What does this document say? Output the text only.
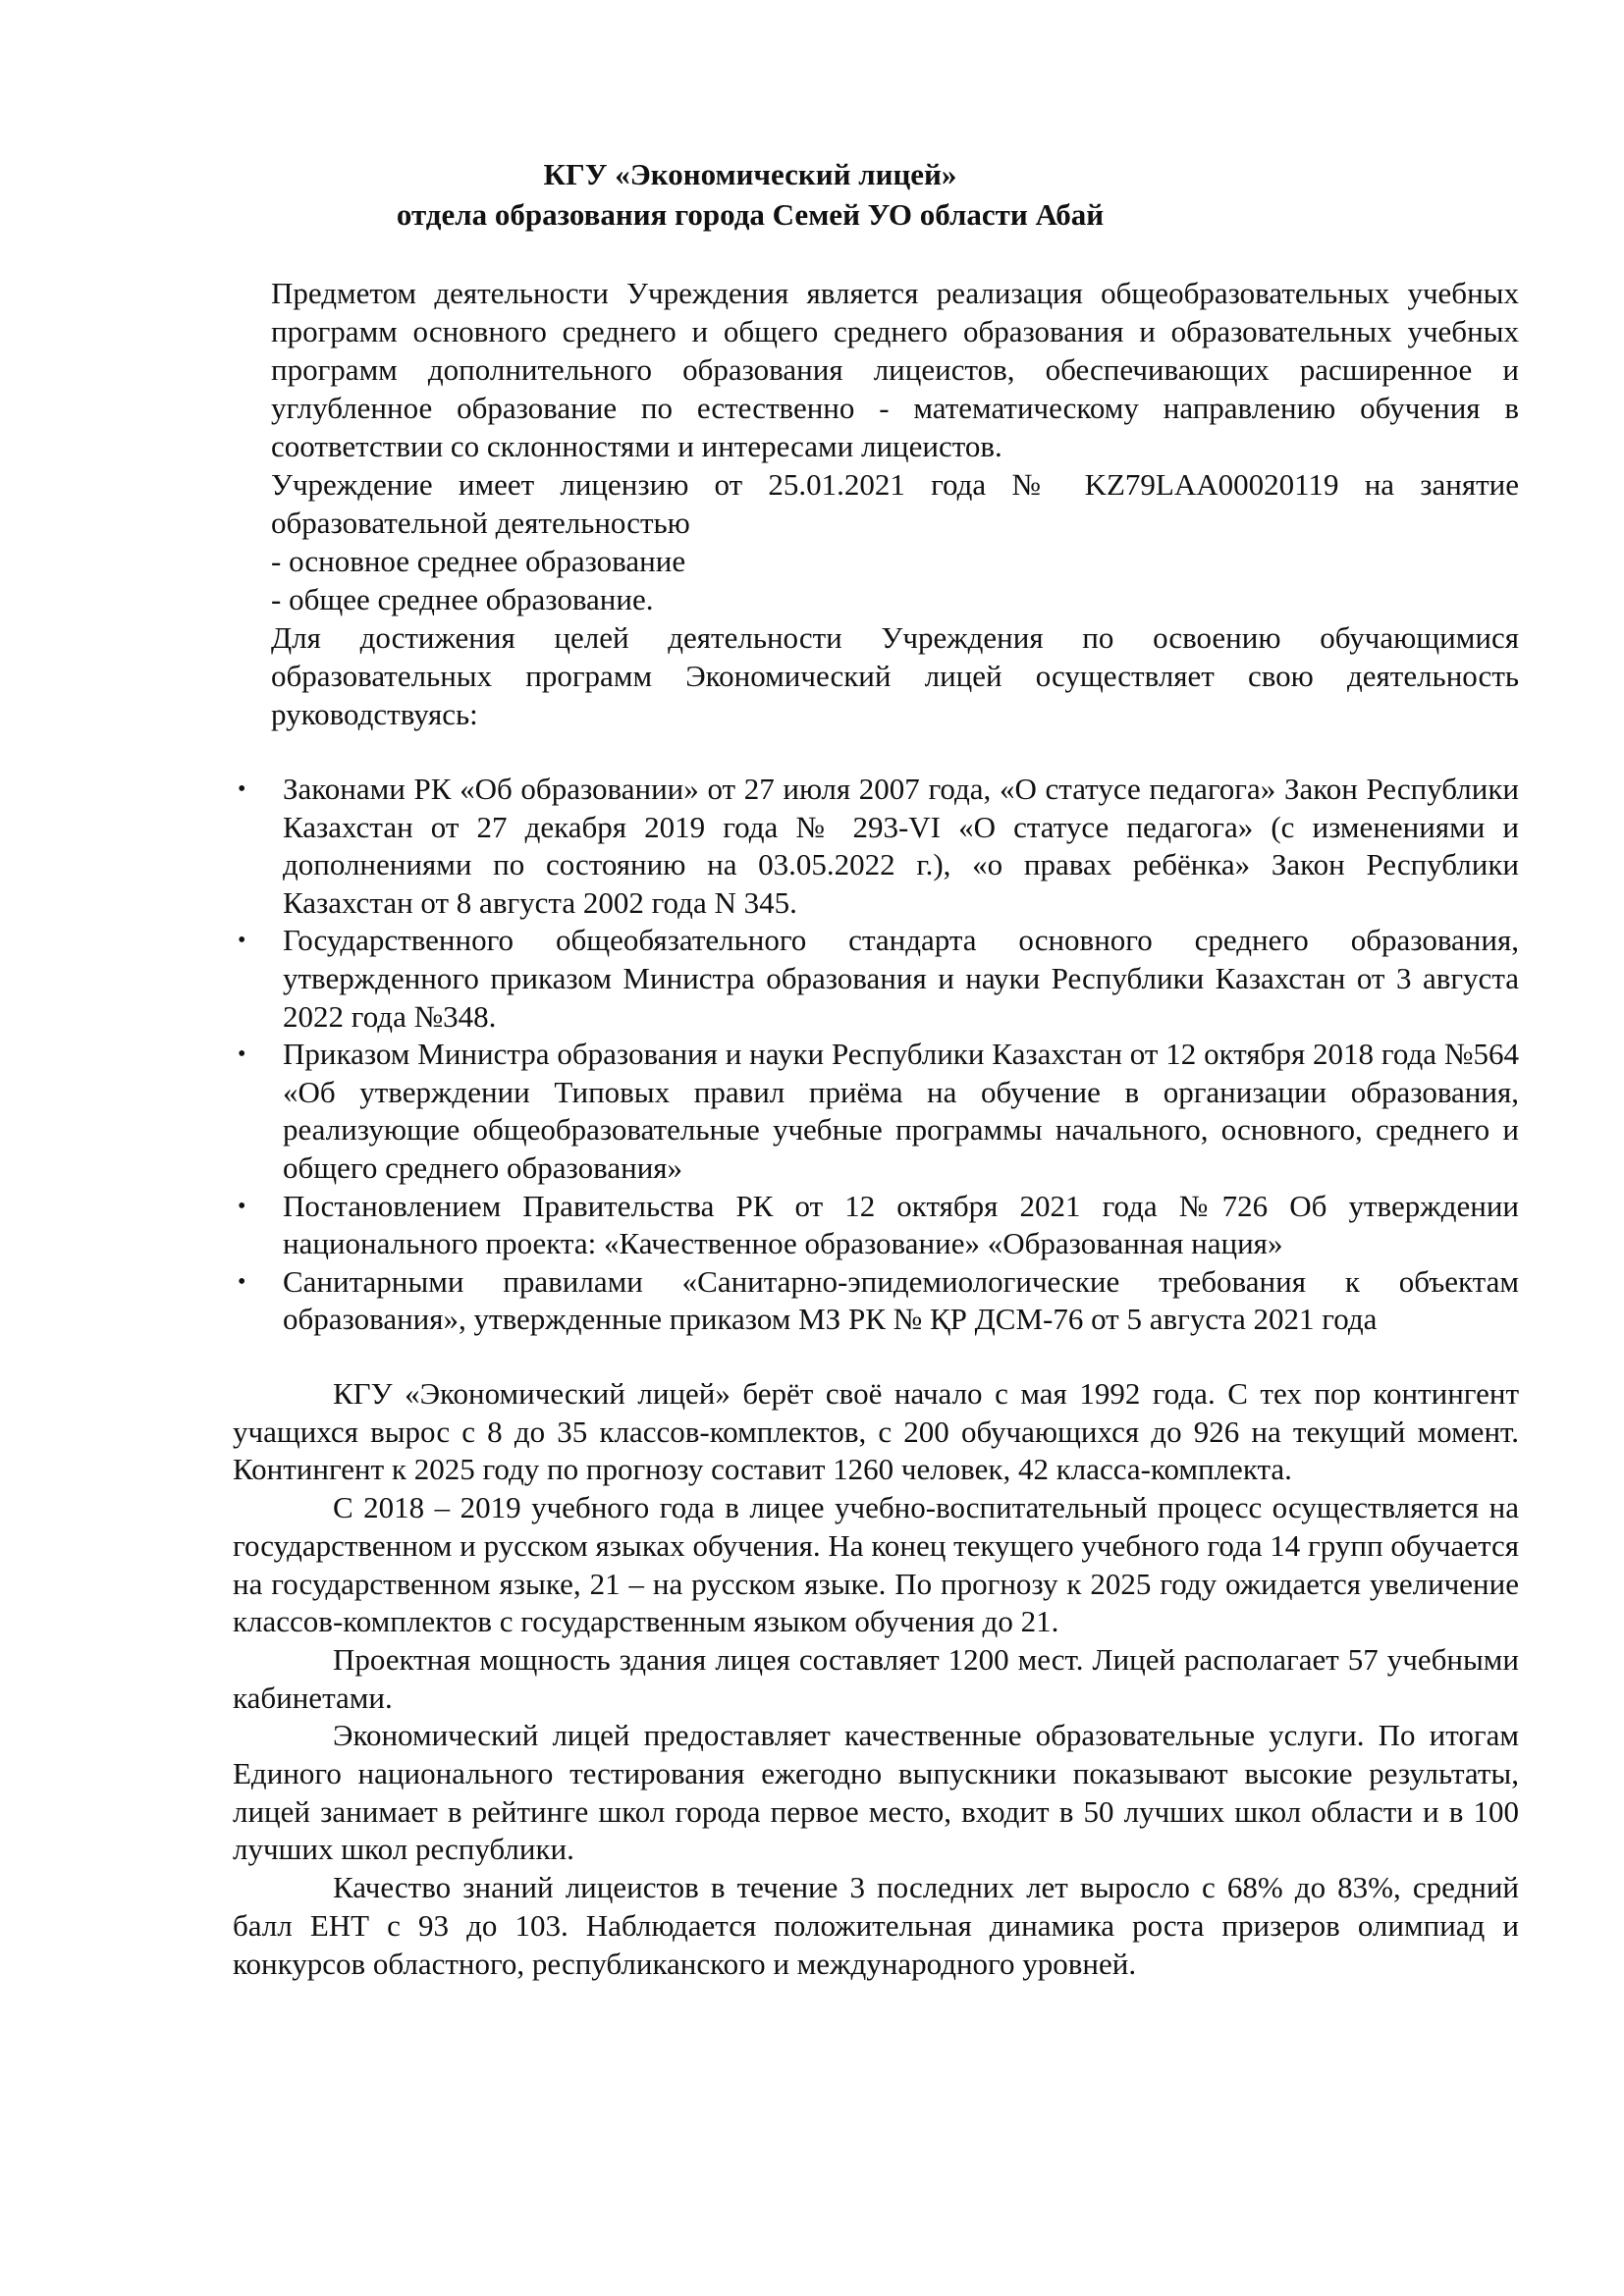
КГУ «Экономический лицей»
отдела образования города Семей УО области Абай

Предметом деятельности Учреждения является реализация общеобразовательных учебных программ основного среднего и общего среднего образования и образовательных учебных программ дополнительного образования лицеистов, обеспечивающих расширенное и углубленное образование по естественно - математическому направлению обучения в соответствии со склонностями и интересами лицеистов.

Учреждение имеет лицензию от 25.01.2021 года № KZ79LAA00020119 на занятие образовательной деятельностью

- основное среднее образование
- общее среднее образование.

Для достижения целей деятельности Учреждения по освоению обучающимися образовательных программ Экономический лицей осуществляет свою деятельность руководствуясь:

• Законами РК «Об образовании» от 27 июля 2007 года, «О статусе педагога» Закон Республики Казахстан от 27 декабря 2019 года № 293-VI «О статусе педагога» (с изменениями и дополнениями по состоянию на 03.05.2022 г.), «о правах ребёнка» Закон Республики Казахстан от 8 августа 2002 года N 345.
• Государственного общеобязательного стандарта основного среднего образования, утвержденного приказом Министра образования и науки Республики Казахстан от 3 августа 2022 года №348.
• Приказом Министра образования и науки Республики Казахстан от 12 октября 2018 года №564 «Об утверждении Типовых правил приёма на обучение в организации образования, реализующие общеобразовательные учебные программы начального, основного, среднего и общего среднего образования»
• Постановлением Правительства РК от 12 октября 2021 года №726 Об утверждении национального проекта: «Качественное образование» «Образованная нация»
• Санитарными правилами «Санитарно-эпидемиологические требования к объектам образования», утвержденные приказом МЗ РК № ҚР ДСМ-76 от 5 августа 2021 года

КГУ «Экономический лицей» берёт своё начало с мая 1992 года. С тех пор контингент учащихся вырос с 8 до 35 классов-комплектов, с 200 обучающихся до 926 на текущий момент. Контингент к 2025 году по прогнозу составит 1260 человек, 42 класса-комплекта.

С 2018 – 2019 учебного года в лицее учебно-воспитательный процесс осуществляется на государственном и русском языках обучения. На конец текущего учебного года 14 групп обучается на государственном языке, 21 – на русском языке. По прогнозу к 2025 году ожидается увеличение классов-комплектов с государственным языком обучения до 21.

Проектная мощность здания лицея составляет 1200 мест. Лицей располагает 57 учебными кабинетами.

Экономический лицей предоставляет качественные образовательные услуги. По итогам Единого национального тестирования ежегодно выпускники показывают высокие результаты, лицей занимает в рейтинге школ города первое место, входит в 50 лучших школ области и в 100 лучших школ республики.

Качество знаний лицеистов в течение 3 последних лет выросло с 68% до 83%, средний балл ЕНТ с 93 до 103. Наблюдается положительная динамика роста призеров олимпиад и конкурсов областного, республиканского и международного уровней.
